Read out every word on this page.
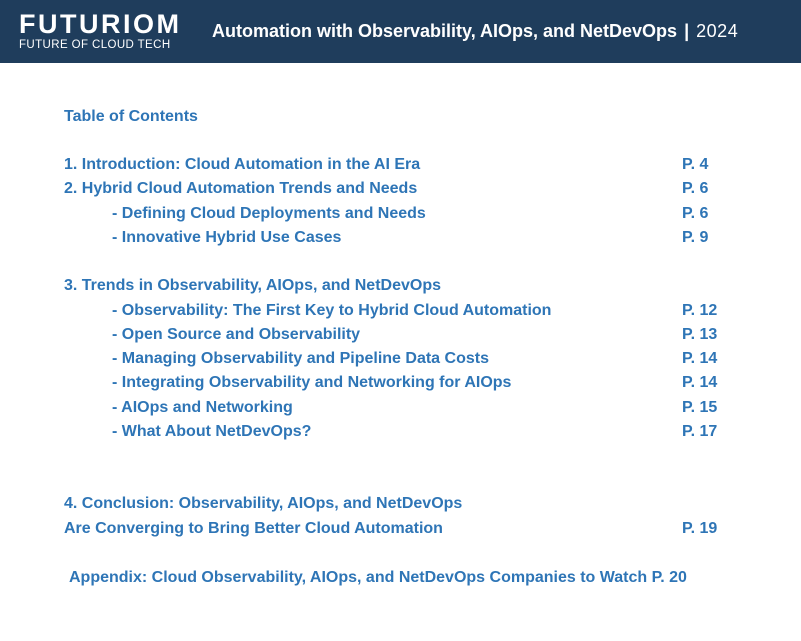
FUTURIOM
FUTURE OF CLOUD TECH
Automation with Observability, AIOps, and NetDevOps | 2024
Table of Contents
1. Introduction: Cloud Automation in the AI Era	P. 4
2. Hybrid Cloud Automation Trends and Needs	P. 6
- Defining Cloud Deployments and Needs	P. 6
- Innovative Hybrid Use Cases	P. 9
3. Trends in Observability, AIOps, and NetDevOps
- Observability: The First Key to Hybrid Cloud Automation	P. 12
- Open Source and Observability	P. 13
- Managing Observability and Pipeline Data Costs	P. 14
- Integrating Observability and Networking for AIOps	P. 14
- AIOps and Networking	P. 15
- What About NetDevOps?	P. 17
4. Conclusion: Observability, AIOps, and NetDevOps
Are Converging to Bring Better Cloud Automation	P. 19
Appendix: Cloud Observability, AIOps, and NetDevOps Companies to Watch P. 20
